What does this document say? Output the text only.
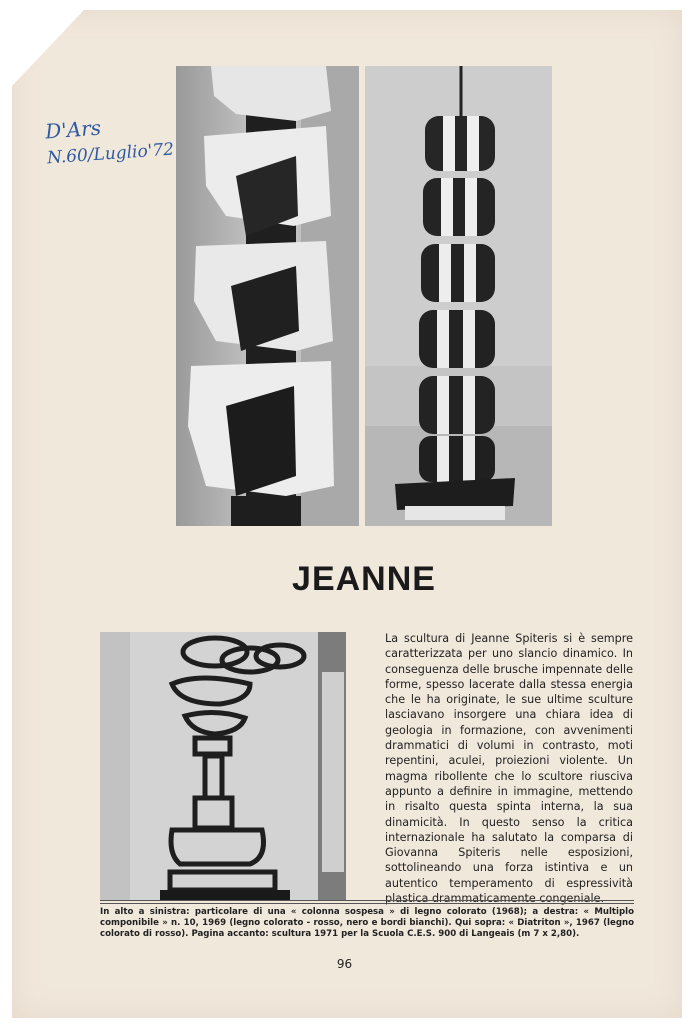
D'Ars
N.60/Luglio'72
JEANNE

La scultura di Jeanne Spiteris si è sempre caratterizzata per uno slancio dinamico. In conseguenza delle brusche impennate delle forme, spesso lacerate dalla stessa energia che le ha originate, le sue ultime sculture lasciavano insorgere una chiara idea di geologia in formazione, con avvenimenti drammatici di volumi in contrasto, moti repentini, aculei, proiezioni violente. Un magma ribollente che lo scultore riusciva appunto a definire in immagine, mettendo in risalto questa spinta interna, la sua dinamicità. In questo senso la critica internazionale ha salutato la comparsa di Giovanna Spiteris nelle esposizioni, sottolineando una forza istintiva e un autentico temperamento di espressività plastica drammaticamente congeniale.

In alto a sinistra: particolare di una « colonna sospesa » di legno colorato (1968); a destra: « Multiplo componibile » n. 10, 1969 (legno colorato - rosso, nero e bordi bianchi). Qui sopra: « Diatriton », 1967 (legno colorato di rosso). Pagina accanto: scultura 1971 per la Scuola C.E.S. 900 di Langeais (m 7 x 2,80).

96
